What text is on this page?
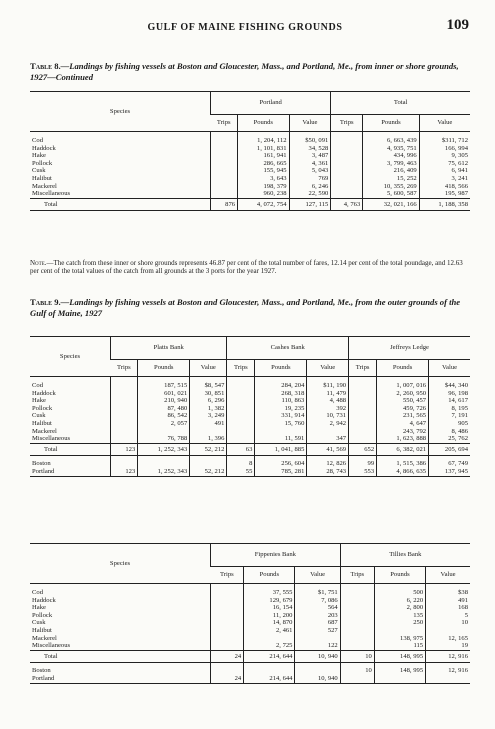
GULF OF MAINE FISHING GROUNDS	109
Table 8.—Landings by fishing vessels at Boston and Gloucester, Mass., and Portland, Me., from inner or shore grounds, 1927—Continued
Species	Portland			Total		
	Trips	Pounds	Value	Trips	Pounds	Value

Cod		1, 204, 112	$50, 091		6, 663, 439	$311, 712
Haddock		1, 101, 831	34, 528		4, 935, 751	166, 994
Hake		161, 941	3, 487		434, 996	9, 305
Pollock		286, 665	4, 361		3, 799, 463	75, 612
Cusk		155, 945	5, 043		216, 409	6, 941
Halibut		3, 643	769		15, 252	3, 241
Mackerel		198, 379	6, 246		10, 355, 269	418, 566
Miscellaneous		960, 238	22, 590		5, 600, 587	195, 987
Total	876	4, 072, 754	127, 115	4, 763	32, 021, 166	1, 188, 358
Note.—The catch from these inner or shore grounds represents 46.87 per cent of the total number of fares, 12.14 per cent of the total poundage, and 12.63 per cent of the total values of the catch from all grounds at the 3 ports for the year 1927.
Table 9.—Landings by fishing vessels at Boston and Gloucester, Mass., and Portland, Me., from the outer grounds of the Gulf of Maine, 1927
Species	Platts Bank			Cashes Bank			Jeffreys Ledge		
	Trips	Pounds	Value	Trips	Pounds	Value	Trips	Pounds	Value

Cod		187, 515	$8, 547		284, 204	$11, 190		1, 007, 016	$44, 340
Haddock		601, 021	30, 851		268, 318	11, 479		2, 260, 950	96, 198
Hake		210, 940	6, 296		110, 863	4, 488		550, 457	14, 617
Pollock		87, 480	1, 382		19, 235	392		459, 726	8, 195
Cusk		86, 542	3, 249		331, 914	10, 731		231, 565	7, 191
Halibut		2, 057	491		15, 760	2, 942		4, 647	905
Mackerel								243, 792	8, 486
Miscellaneous		76, 788	1, 396		11, 591	347		1, 623, 888	25, 762
Total	123	1, 252, 343	52, 212	63	1, 041, 885	41, 569	652	6, 382, 021	205, 694
Boston				8	256, 604	12, 826	99	1, 515, 386	67, 749
Portland	123	1, 252, 343	52, 212	55	785, 281	28, 743	553	4, 866, 635	137, 945
Species	Fippenies Bank			Tillies Bank		
	Trips	Pounds	Value	Trips	Pounds	Value

Cod		37, 555	$1, 751		500	$38
Haddock		129, 679	7, 086		6, 220	491
Hake		16, 154	564		2, 800	168
Pollock		11, 200	203		135	5
Cusk		14, 870	687		250	10
Halibut		2, 461	527			
Mackerel					138, 975	12, 165
Miscellaneous		2, 725	122		115	19
Total	24	214, 644	10, 940	10	148, 995	12, 916
Boston				10	148, 995	12, 916
Portland	24	214, 644	10, 940			
